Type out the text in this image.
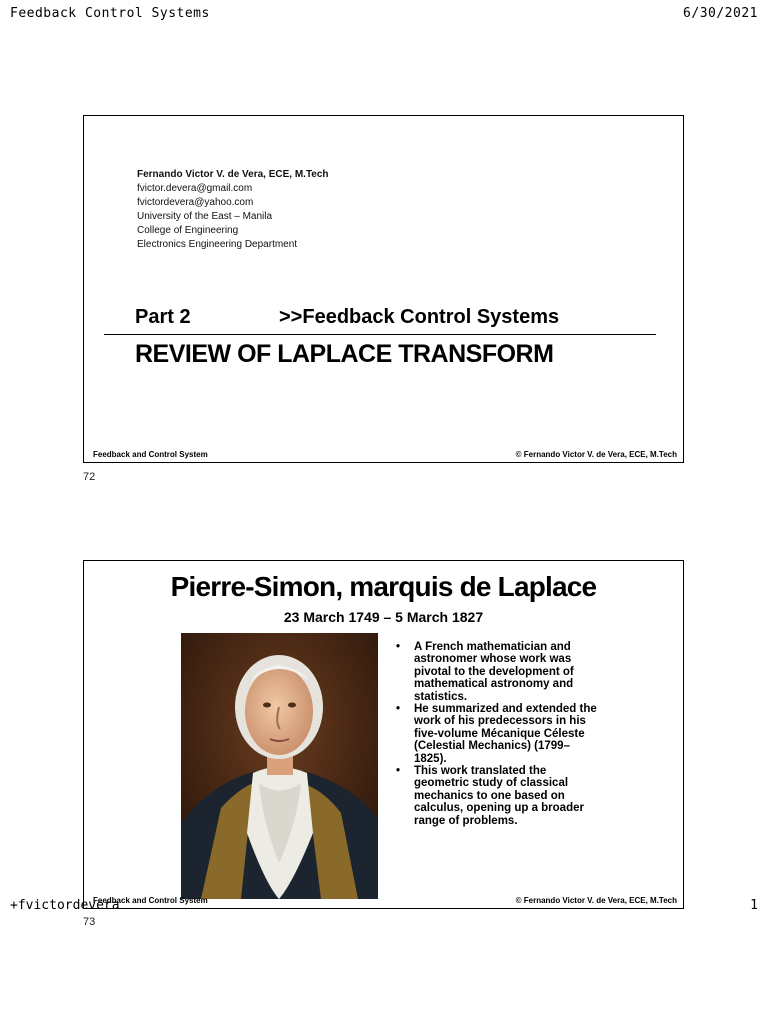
Feedback Control Systems	6/30/2021
Fernando Victor V. de Vera, ECE, M.Tech
fvictor.devera@gmail.com
fvictordevera@yahoo.com
University of the East – Manila
College of Engineering
Electronics Engineering Department
Part 2	>>Feedback Control Systems
REVIEW OF LAPLACE TRANSFORM
Feedback and Control System	© Fernando Victor V. de Vera, ECE, M.Tech
72
Pierre-Simon, marquis de Laplace
23 March 1749 – 5 March 1827
• A French mathematician and astronomer whose work was pivotal to the development of mathematical astronomy and statistics.
• He summarized and extended the work of his predecessors in his five-volume Mécanique Céleste (Celestial Mechanics) (1799–1825).
• This work translated the geometric study of classical mechanics to one based on calculus, opening up a broader range of problems.
Feedback and Control System	© Fernando Victor V. de Vera, ECE, M.Tech
73
+fvictordevera	1
